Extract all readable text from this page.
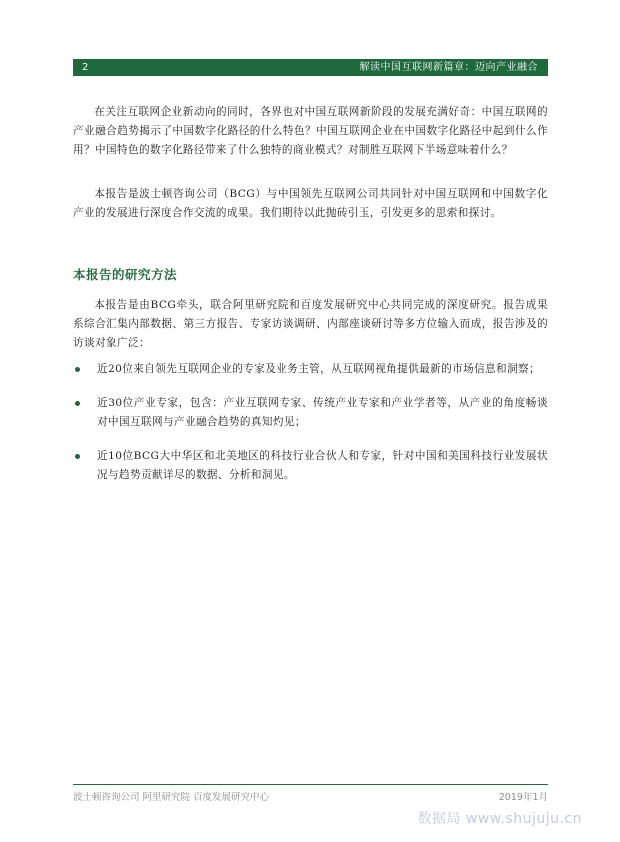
2	解读中国互联网新篇章：迈向产业融合

在关注互联网企业新动向的同时，各界也对中国互联网新阶段的发展充满好奇：中国互联网的产业融合趋势揭示了中国数字化路径的什么特色？中国互联网企业在中国数字化路径中起到什么作用？中国特色的数字化路径带来了什么独特的商业模式？对制胜互联网下半场意味着什么？

本报告是波士顿咨询公司（BCG）与中国领先互联网公司共同针对中国互联网和中国数字化产业的发展进行深度合作交流的成果。我们期待以此抛砖引玉，引发更多的思索和探讨。

本报告的研究方法

本报告是由BCG牵头，联合阿里研究院和百度发展研究中心共同完成的深度研究。报告成果系综合汇集内部数据、第三方报告、专家访谈调研、内部座谈研讨等多方位输入而成，报告涉及的访谈对象广泛：

近20位来自领先互联网企业的专家及业务主管，从互联网视角提供最新的市场信息和洞察；
近30位产业专家，包含：产业互联网专家、传统产业专家和产业学者等，从产业的角度畅谈对中国互联网与产业融合趋势的真知灼见；
近10位BCG大中华区和北美地区的科技行业合伙人和专家，针对中国和美国科技行业发展状况与趋势贡献详尽的数据、分析和洞见。
波士顿咨询公司 阿里研究院 百度发展研究中心	2019年1月
数据局 www.shujuju.cn
